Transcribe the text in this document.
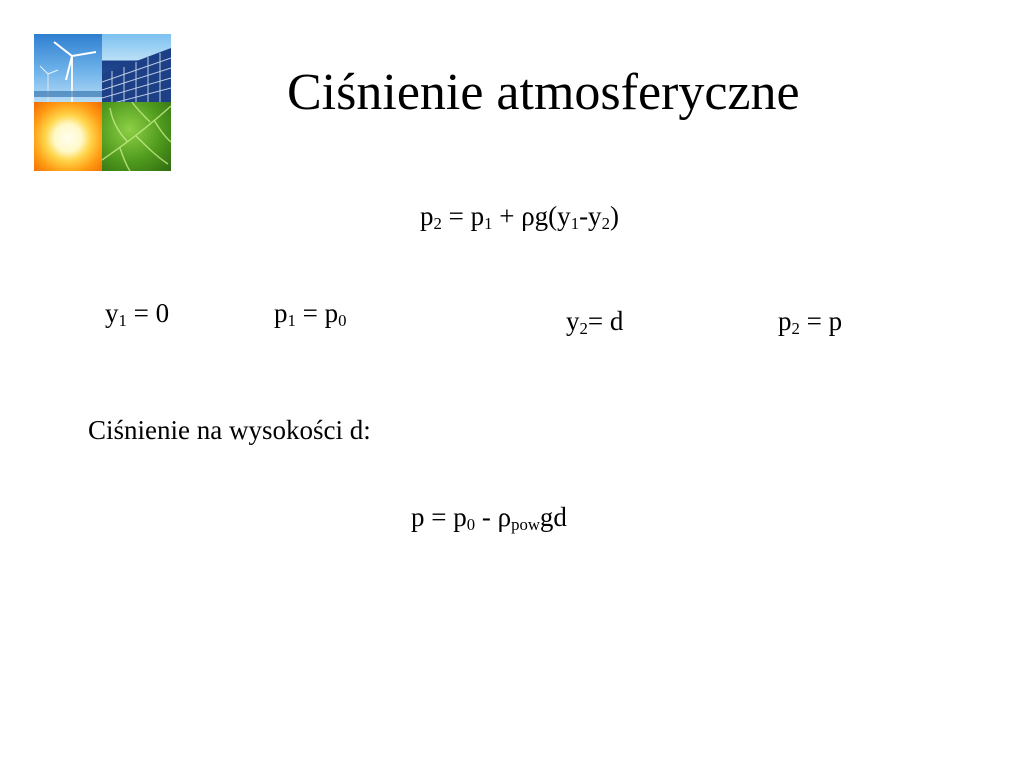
Ciśnienie atmosferyczne
$p_2 = p_1 + \rho g(y_1-y_2)$
$y_1 = 0$	$p_1 = p_0$	$y_2= d$	$p_2 = p$
Ciśnienie na wysokości d:
$p = p_0 - \rho_{pow}gd$
